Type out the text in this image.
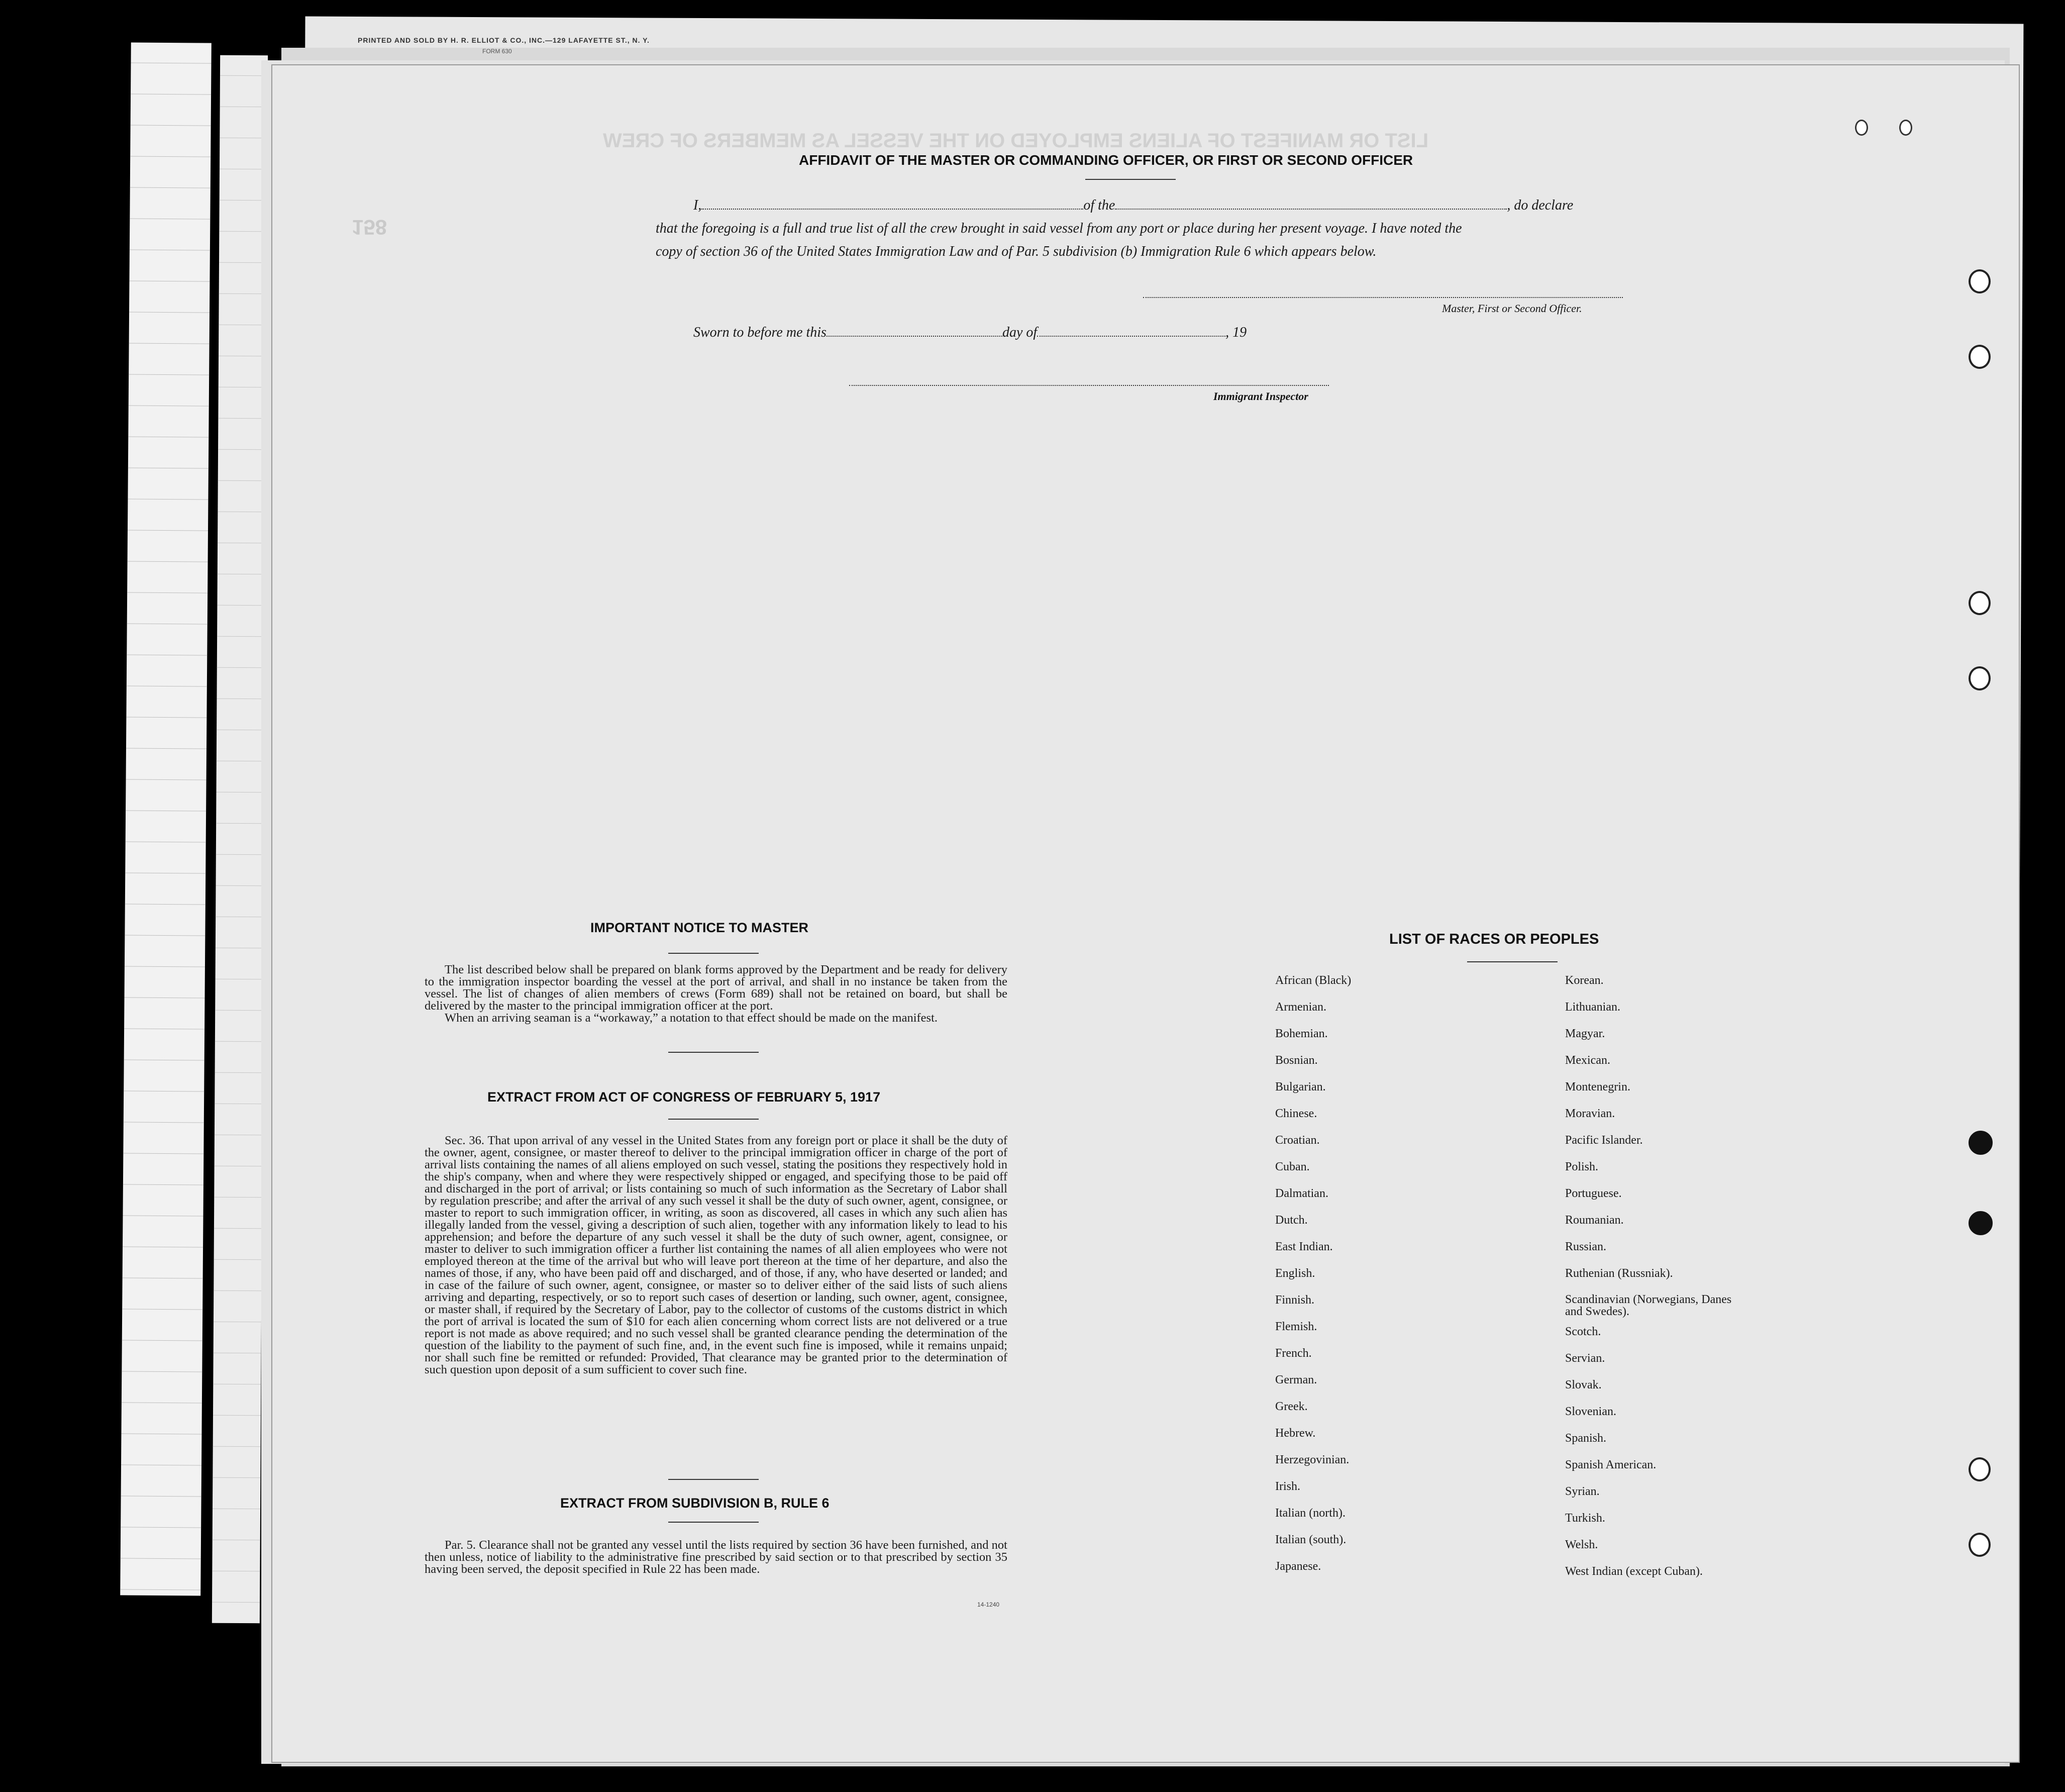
PRINTED AND SOLD BY H. R. ELLIOT & CO., INC.—129 LAFAYETTE ST., N. Y.
FORM 630
LIST OR MANIFEST OF ALIENS EMPLOYED ON THE VESSEL AS MEMBERS OF CREW
158
AFFIDAVIT OF THE MASTER OR COMMANDING OFFICER, OR FIRST OR SECOND OFFICER
I,	of the	, do declare
that the foregoing is a full and true list of all the crew brought in said vessel from any port or place during her present voyage. I have noted the
copy of section 36 of the United States Immigration Law and of Par. 5 subdivision (b) Immigration Rule 6 which appears below.
Master, First or Second Officer.
Sworn to before me this	day of	, 19
Immigrant Inspector
IMPORTANT NOTICE TO MASTER

The list described below shall be prepared on blank forms approved by the Department and be ready for delivery to the immigration inspector boarding the vessel at the port of arrival, and shall in no instance be taken from the vessel. The list of changes of alien members of crews (Form 689) shall not be retained on board, but shall be delivered by the master to the principal immigration officer at the port.

When an arriving seaman is a “workaway,” a notation to that effect should be made on the manifest.

EXTRACT FROM ACT OF CONGRESS OF FEBRUARY 5, 1917

Sec. 36. That upon arrival of any vessel in the United States from any foreign port or place it shall be the duty of the owner, agent, consignee, or master thereof to deliver to the principal immigration officer in charge of the port of arrival lists containing the names of all aliens employed on such vessel, stating the positions they respectively hold in the ship's company, when and where they were respectively shipped or engaged, and specifying those to be paid off and discharged in the port of arrival; or lists containing so much of such information as the Secretary of Labor shall by regulation prescribe; and after the arrival of any such vessel it shall be the duty of such owner, agent, consignee, or master to report to such immigration officer, in writing, as soon as discovered, all cases in which any such alien has illegally landed from the vessel, giving a description of such alien, together with any information likely to lead to his apprehension; and before the departure of any such vessel it shall be the duty of such owner, agent, consignee, or master to deliver to such immigration officer a further list containing the names of all alien employees who were not employed thereon at the time of the arrival but who will leave port thereon at the time of her departure, and also the names of those, if any, who have been paid off and discharged, and of those, if any, who have deserted or landed; and in case of the failure of such owner, agent, consignee, or master so to deliver either of the said lists of such aliens arriving and departing, respectively, or so to report such cases of desertion or landing, such owner, agent, consignee, or master shall, if required by the Secretary of Labor, pay to the collector of customs of the customs district in which the port of arrival is located the sum of $10 for each alien concerning whom correct lists are not delivered or a true report is not made as above required; and no such vessel shall be granted clearance pending the determination of the question of the liability to the payment of such fine, and, in the event such fine is imposed, while it remains unpaid; nor shall such fine be remitted or refunded: Provided, That clearance may be granted prior to the determination of such question upon deposit of a sum sufficient to cover such fine.

EXTRACT FROM SUBDIVISION B, RULE 6

Par. 5. Clearance shall not be granted any vessel until the lists required by section 36 have been furnished, and not then unless, notice of liability to the administrative fine prescribed by said section or to that prescribed by section 35 having been served, the deposit specified in Rule 22 has been made.

14-1240
LIST OF RACES OR PEOPLES
African (Black)
Armenian.
Bohemian.
Bosnian.
Bulgarian.
Chinese.
Croatian.
Cuban.
Dalmatian.
Dutch.
East Indian.
English.
Finnish.
Flemish.
French.
German.
Greek.
Hebrew.
Herzegovinian.
Irish.
Italian (north).
Italian (south).
Japanese.
Korean.
Lithuanian.
Magyar.
Mexican.
Montenegrin.
Moravian.
Pacific Islander.
Polish.
Portuguese.
Roumanian.
Russian.
Ruthenian (Russniak).
Scandinavian (Norwegians, Danes and Swedes).
Scotch.
Servian.
Slovak.
Slovenian.
Spanish.
Spanish American.
Syrian.
Turkish.
Welsh.
West Indian (except Cuban).
